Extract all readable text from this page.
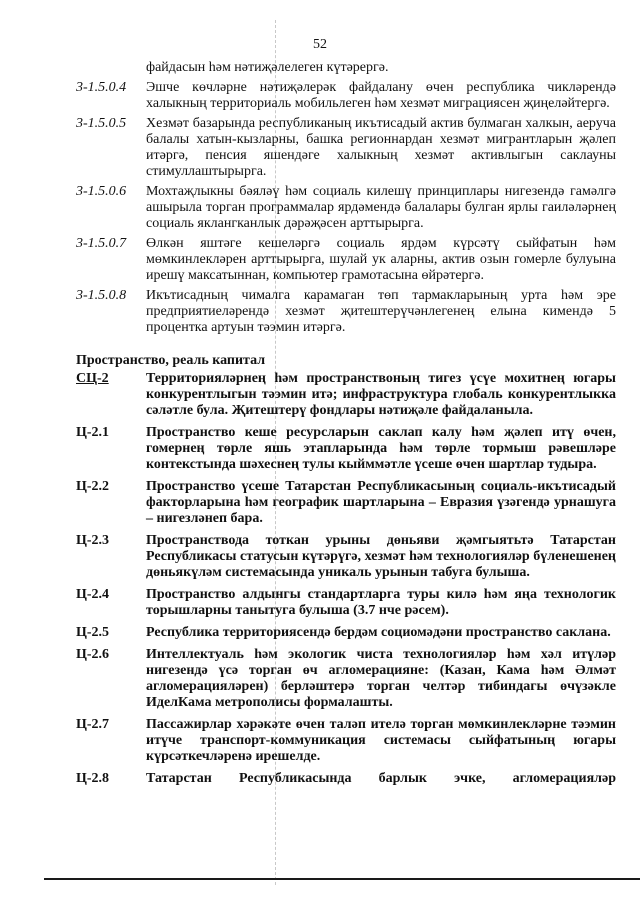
52
файдасын һәм нәтиҗәлелеген күтәрергә.
3-1.5.0.4	Эшче көчләрне нәтиҗәлерәк файдалану өчен республика чикләрендә халыкның территориаль мобильлеген һәм хезмәт миграциясен җиңеләйтергә.
3-1.5.0.5	Хезмәт базарында республиканың икътисадый актив булмаган халкын, аеруча балалы хатын-кызларны, башка регионнардан хезмәт мигрантларын җәлеп итәргә, пенсия яшендәге халыкның хезмәт активлыгын саклауны стимуллаштырырга.
3-1.5.0.6	Мохтаҗлыкны бәяләү һәм социаль килешү принциплары нигезендә гамәлгә ашырыла торган программалар ярдәмендә балалары булган ярлы гаиләләрнең социаль яклангканлык дәрәҗәсен арттырырга.
3-1.5.0.7	Өлкән яштәге кешеләргә социаль ярдәм күрсәтү сыйфатын һәм мөмкинлекләрен арттырырга, шулай ук аларны, актив озын гомерле булуына ирешү максатыннан, компьютер грамотасына өйрәтергә.
3-1.5.0.8	Икътисадның чималга карамаган төп тармакларының урта һәм эре предприятиеләрендә хезмәт җитештерүчәнлегенең елына кимендә 5 процентка артуын тәэмин итәргә.
Пространство, реаль капитал
СЦ-2	Территорияләрнең һәм пространствоның тигез үсүе мохитнең югары конкурентлыгын тәэмин итә; инфраструктура глобаль конкурентлыкка сәләтле була. Җитештерү фондлары нәтиҗәле файдаланыла.
Ц-2.1	Пространство кеше ресурсларын саклап калу һәм җәлеп итү өчен, гомернең төрле яшь этапларында һәм төрле тормыш рәвешләре контекстында шәхеснең тулы кыйммәтле үсеше өчен шартлар тудыра.
Ц-2.2	Пространство үсеше Татарстан Республикасының социаль-икътисадый факторларына һәм географик шартларына – Евразия үзәгендә урнашуга – нигезләнеп бара.
Ц-2.3	Пространствода тоткан урыны дөньяви җәмгыятьтә Татарстан Республикасы статусын күтәрүгә, хезмәт һәм технологияләр бүленешенең дөньякүләм системасында уникаль урынын табуга булыша.
Ц-2.4	Пространство алдынгы стандартларга туры килә һәм яңа технологик торышларны танытуга булыша (3.7 нче рәсем).
Ц-2.5	Республика территориясендә бердәм социомәдәни пространство саклана.
Ц-2.6	Интеллектуаль һәм экологик чиста технологияләр һәм хәл итүләр нигезендә үсә торган өч агломерацияне: (Казан, Кама һәм Әлмәт агломерацияләрен) берләштерә торган челтәр тибиндагы өчүзәкле ИделКама метрополисы формалашты.
Ц-2.7	Пассажирлар хәрәкәте өчен таләп ителә торган мөмкинлекләрне тәэмин итүче транспорт-коммуникация системасы сыйфатының югары күрсәткечләренә ирешелде.
Ц-2.8	Татарстан Республикасында барлык эчке, агломерацияләр
